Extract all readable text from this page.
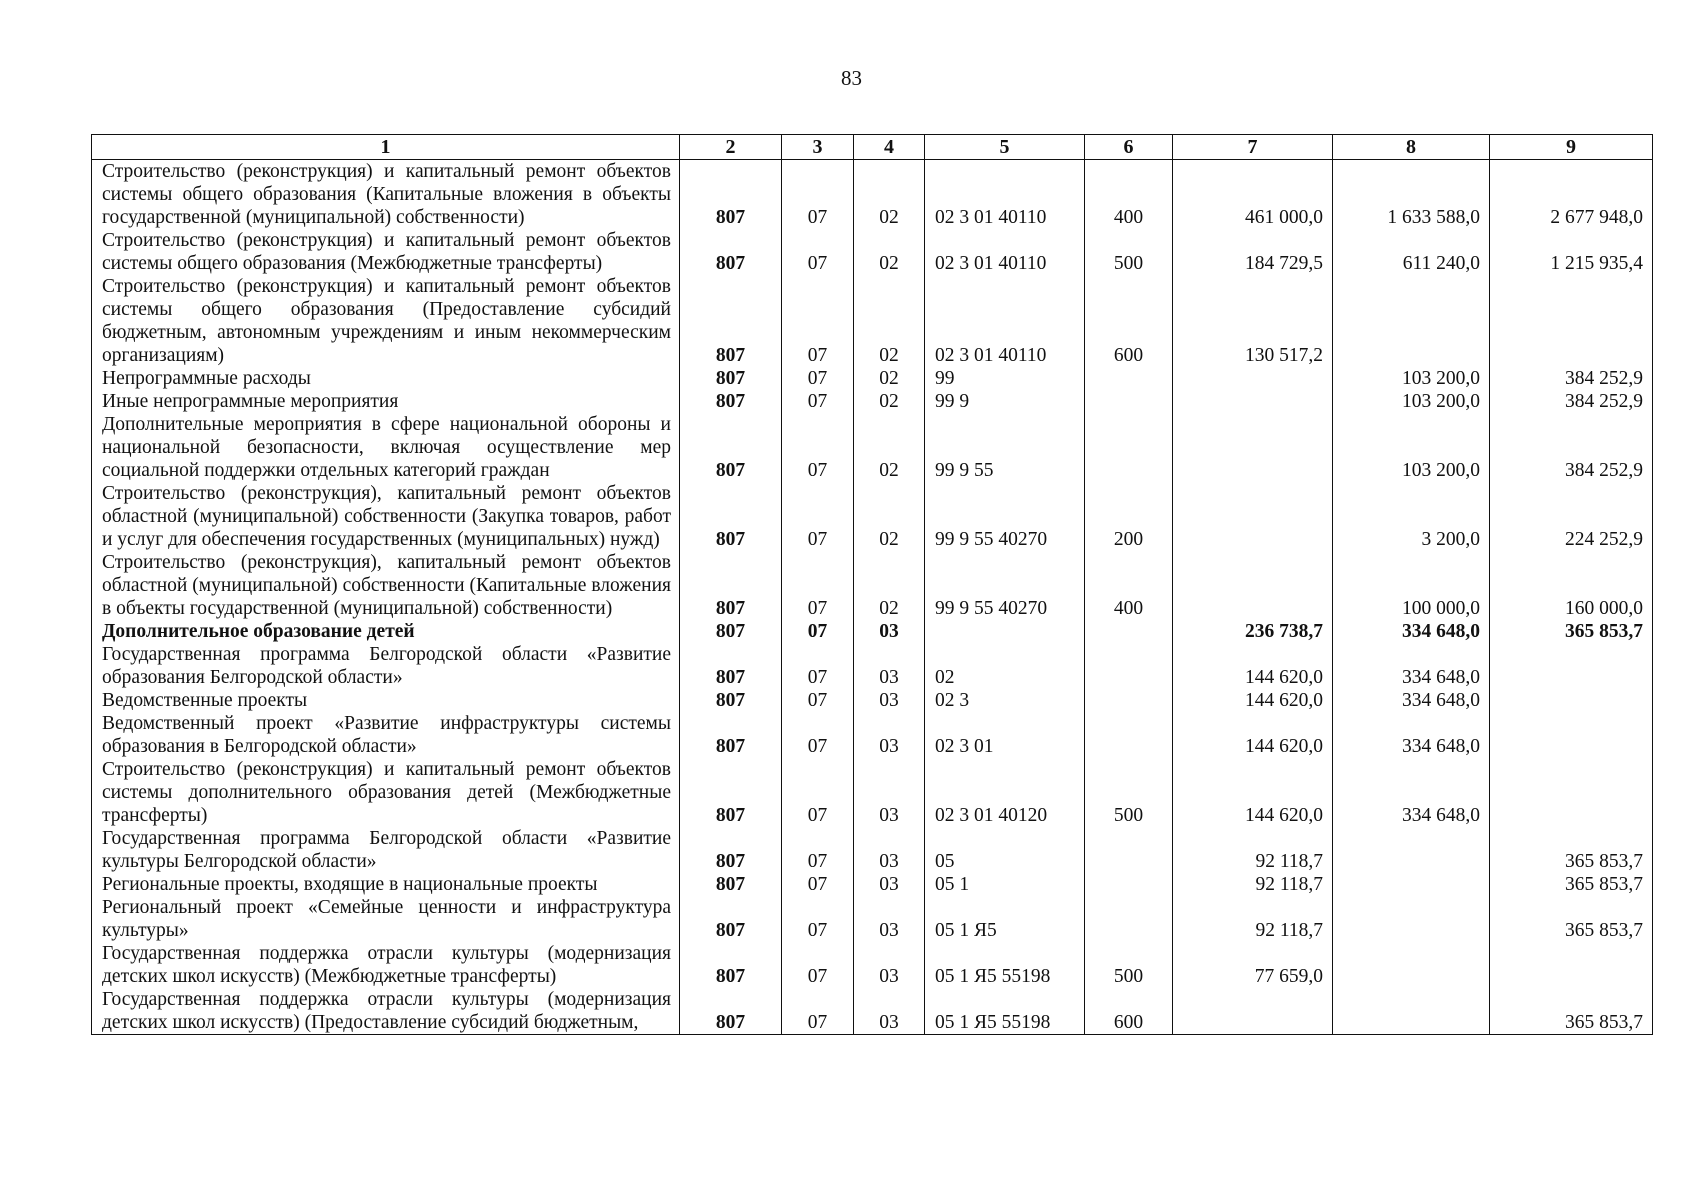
83
1	2	3	4	5	6	7	8	9
Строительство (реконструкция) и капитальный ремонт объектов системы общего образования (Капитальные вложения в объекты государственной (муниципальной) собственности)	807	07	02	02 3 01 40110	400	461 000,0	1 633 588,0	2 677 948,0
Строительство (реконструкция) и капитальный ремонт объектов системы общего образования (Межбюджетные трансферты)	807	07	02	02 3 01 40110	500	184 729,5	611 240,0	1 215 935,4
Строительство (реконструкция) и капитальный ремонт объектов системы общего образования (Предоставление субсидий бюджетным, автономным учреждениям и иным некоммерческим организациям)	807	07	02	02 3 01 40110	600	130 517,2		
Непрограммные расходы	807	07	02	99			103 200,0	384 252,9
Иные непрограммные мероприятия	807	07	02	99 9			103 200,0	384 252,9
Дополнительные мероприятия в сфере национальной обороны и национальной безопасности, включая осуществление мер социальной поддержки отдельных категорий граждан	807	07	02	99 9 55			103 200,0	384 252,9
Строительство (реконструкция), капитальный ремонт объектов областной (муниципальной) собственности (Закупка товаров, работ и услуг для обеспечения государственных (муниципальных) нужд)	807	07	02	99 9 55 40270	200		3 200,0	224 252,9
Строительство (реконструкция), капитальный ремонт объектов областной (муниципальной) собственности (Капитальные вложения в объекты государственной (муниципальной) собственности)	807	07	02	99 9 55 40270	400		100 000,0	160 000,0
Дополнительное образование детей	807	07	03			236 738,7	334 648,0	365 853,7
Государственная программа Белгородской области «Развитие образования Белгородской области»	807	07	03	02		144 620,0	334 648,0	
Ведомственные проекты	807	07	03	02 3		144 620,0	334 648,0	
Ведомственный проект «Развитие инфраструктуры системы образования в Белгородской области»	807	07	03	02 3 01		144 620,0	334 648,0	
Строительство (реконструкция) и капитальный ремонт объектов системы дополнительного образования детей (Межбюджетные трансферты)	807	07	03	02 3 01 40120	500	144 620,0	334 648,0	
Государственная программа Белгородской области «Развитие культуры Белгородской области»	807	07	03	05		92 118,7		365 853,7
Региональные проекты, входящие в национальные проекты	807	07	03	05 1		92 118,7		365 853,7
Региональный проект «Семейные ценности и инфраструктура культуры»	807	07	03	05 1 Я5		92 118,7		365 853,7
Государственная поддержка отрасли культуры (модернизация детских школ искусств) (Межбюджетные трансферты)	807	07	03	05 1 Я5 55198	500	77 659,0		
Государственная поддержка отрасли культуры (модернизация детских школ искусств) (Предоставление субсидий бюджетным,	807	07	03	05 1 Я5 55198	600			365 853,7
